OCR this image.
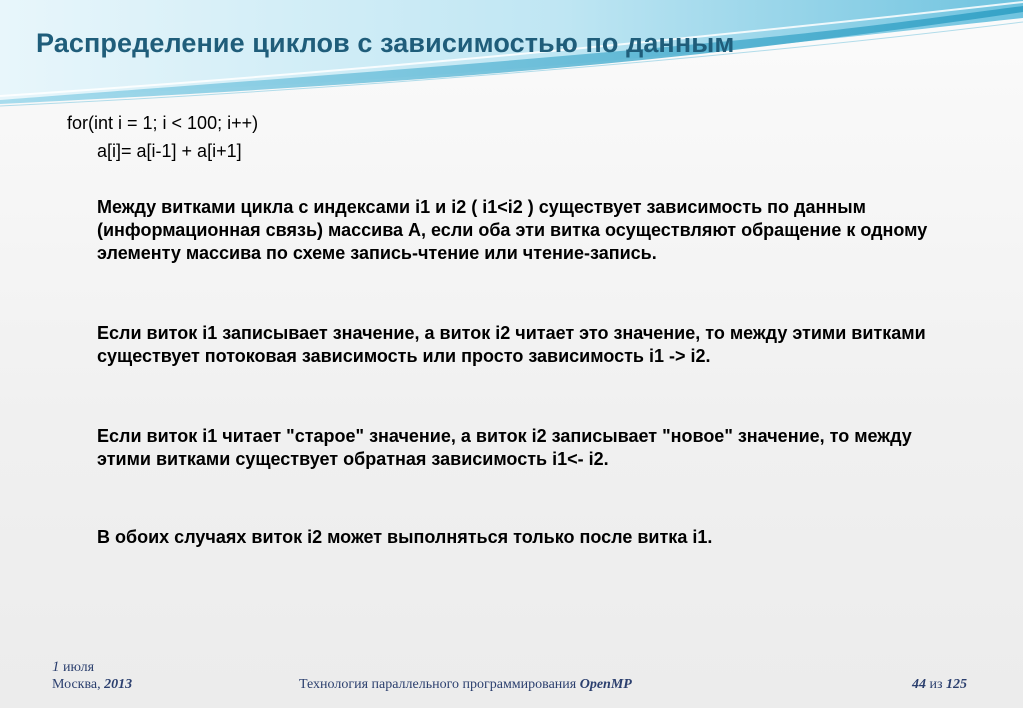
Распределение циклов с зависимостью по данным

for(int i = 1; i < 100; i++)

a[i]= a[i-1] + a[i+1]

Между витками цикла с индексами i1 и i2 ( i1<i2 ) существует зависимость по данным (информационная связь) массива A, если оба эти витка осуществляют обращение к одному элементу массива по схеме запись-чтение или чтение-запись.

Если виток i1 записывает значение, а виток i2 читает это значение, то между этими витками существует потоковая зависимость или просто зависимость i1 -> i2.

Если виток i1 читает "старое" значение, а виток i2 записывает "новое" значение, то между этими витками существует обратная зависимость i1<- i2.

В обоих случаях виток i2 может выполняться только после витка i1.

1 июля
Москва, 2013	Технология параллельного программирования OpenMP	44 из 125
